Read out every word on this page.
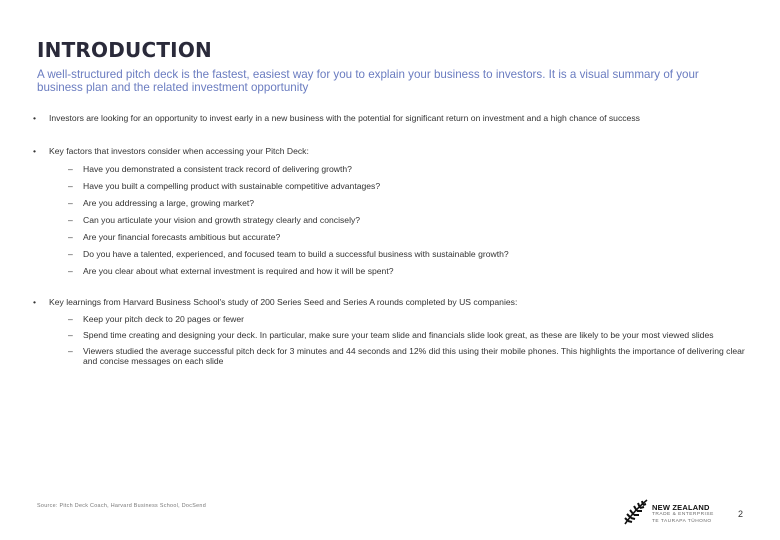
INTRODUCTION

A well-structured pitch deck is the fastest, easiest way for you to explain your business to investors. It is a visual summary of your business plan and the related investment opportunity

• Investors are looking for an opportunity to invest early in a new business with the potential for significant return on investment and a high chance of success
• Key factors that investors consider when accessing your Pitch Deck:
– Have you demonstrated a consistent track record of delivering growth?
– Have you built a compelling product with sustainable competitive advantages?
– Are you addressing a large, growing market?
– Can you articulate your vision and growth strategy clearly and concisely?
– Are your financial forecasts ambitious but accurate?
– Do you have a talented, experienced, and focused team to build a successful business with sustainable growth?
– Are you clear about what external investment is required and how it will be spent?
• Key learnings from Harvard Business School's study of 200 Series Seed and Series A rounds completed by US companies:
– Keep your pitch deck to 20 pages or fewer
– Spend time creating and designing your deck. In particular, make sure your team slide and financials slide look great, as these are likely to be your most viewed slides
– Viewers studied the average successful pitch deck for 3 minutes and 44 seconds and 12% did this using their mobile phones. This highlights the importance of delivering clear and concise messages on each slide
Source: Pitch Deck Coach, Harvard Business School, DocSend	NEW ZEALAND
TRADE & ENTERPRISE
TE TAURAPA TŪHONO
2
